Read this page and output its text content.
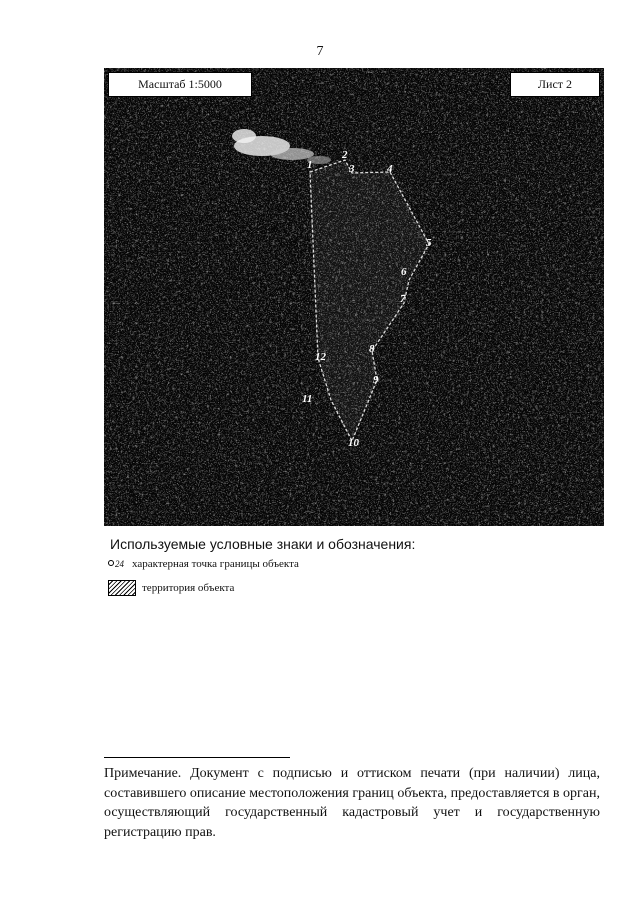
7
1
2
3	4
5
6
7
8
9
10
11
12
Масштаб 1:5000	Лист 2
Используемые условные знаки и обозначения:
24 характерная точка границы объекта
территория объекта
Примечание. Документ с подписью и оттиском печати (при наличии) лица, составившего описание местоположения границ объекта, предоставляется в орган, осуществляющий государственный кадастровый учет и государственную регистрацию прав.
